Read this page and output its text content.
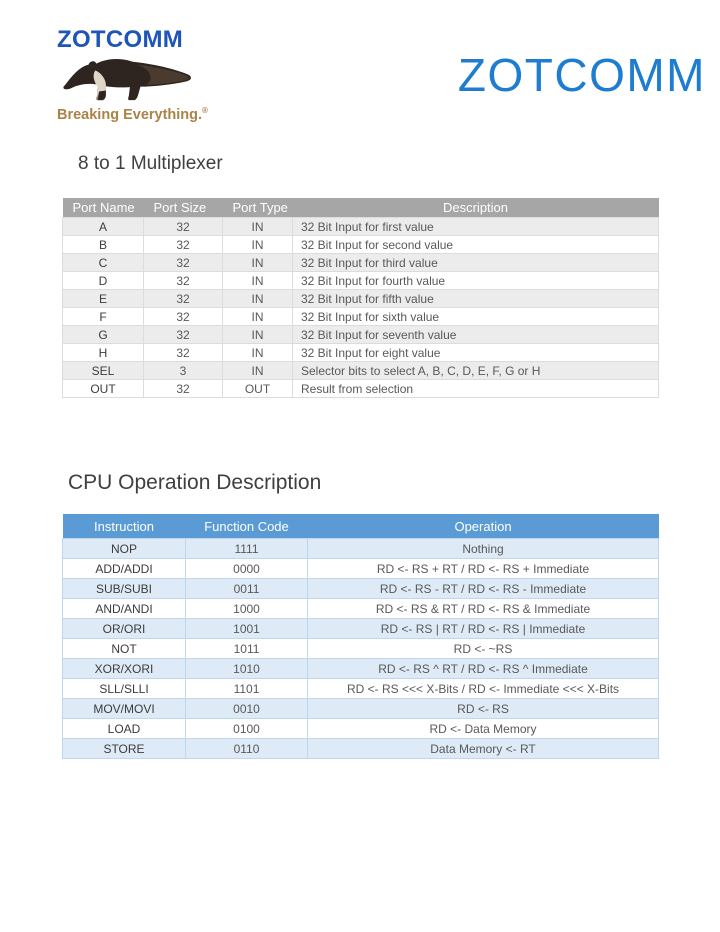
ZOTCOMM
Breaking Everything.®
ZOTCOMM
8 to 1 Multiplexer
Port Name	Port Size	Port Type	Description
A	32	IN	32 Bit Input for first value
B	32	IN	32 Bit Input for second value
C	32	IN	32 Bit Input for third value
D	32	IN	32 Bit Input for fourth value
E	32	IN	32 Bit Input for fifth value
F	32	IN	32 Bit Input for sixth value
G	32	IN	32 Bit Input for seventh value
H	32	IN	32 Bit Input for eight value
SEL	3	IN	Selector bits to select A, B, C, D, E, F, G or H
OUT	32	OUT	Result from selection
CPU Operation Description
Instruction	Function Code	Operation
NOP	1111	Nothing
ADD/ADDI	0000	RD <- RS + RT / RD <- RS + Immediate
SUB/SUBI	0011	RD <- RS - RT / RD <- RS - Immediate
AND/ANDI	1000	RD <- RS & RT / RD <- RS & Immediate
OR/ORI	1001	RD <- RS | RT / RD <- RS | Immediate
NOT	1011	RD <- ~RS
XOR/XORI	1010	RD <- RS ^ RT / RD <- RS ^ Immediate
SLL/SLLI	1101	RD <- RS <<< X-Bits / RD <- Immediate <<< X-Bits
MOV/MOVI	0010	RD <- RS
LOAD	0100	RD <- Data Memory
STORE	0110	Data Memory <- RT
